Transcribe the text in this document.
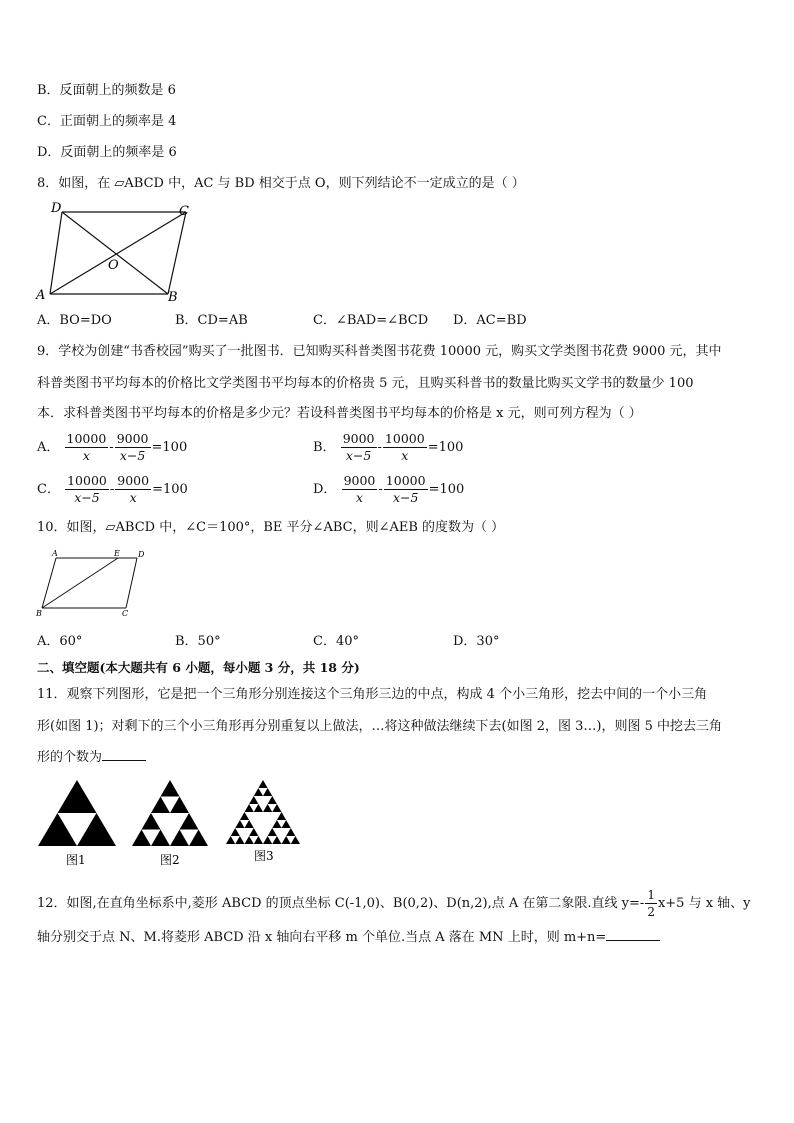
B．反面朝上的频数是 6
C．正面朝上的频率是 4
D．反面朝上的频率是 6
8．如图，在 ▱ABCD 中，AC 与 BD 相交于点 O，则下列结论不一定成立的是（ ）
D	C
A	B
O
A．BO=DO	B．CD=AB	C．∠BAD=∠BCD D．AC=BD
9．学校为创建“书香校园”购买了一批图书．已知购买科普类图书花费 10000 元，购买文学类图书花费 9000 元，其中
科普类图书平均每本的价格比文学类图书平均每本的价格贵 5 元，且购买科普书的数量比购买文学书的数量少 100
本．求科普类图书平均每本的价格是多少元？若设科普类图书平均每本的价格是 x 元，则可列方程为（ ）
A． $\frac{10000}{x} - \frac{9000}{x-5} =100$	B． $\frac{9000}{x-5} - \frac{10000}{x} =100$
C． $\frac{10000}{x-5} - \frac{9000}{x} =100$	D． $\frac{9000}{x} - \frac{10000}{x-5} =100$
10．如图，▱ABCD 中，∠C＝100°，BE 平分∠ABC，则∠AEB 的度数为（ ）
A	E D
B	C
A．60°	B．50°	C．40°	D．30°
二、填空题(本大题共有 6 小题，每小题 3 分，共 18 分)
11．观察下列图形，它是把一个三角形分别连接这个三角形三边的中点，构成 4 个小三角形，挖去中间的一个小三角
形(如图 1)；对剩下的三个小三角形再分别重复以上做法，…将这种做法继续下去(如图 2，图 3…)，则图 5 中挖去三角
形的个数为
图1	图2	图3
12．如图,在直角坐标系中,菱形 ABCD 的顶点坐标 C(-1,0)、B(0,2)、D(n,2),点 A 在第二象限.直线 $y=- \frac{1}{2} x+5$ 与 x 轴、y
轴分别交于点 N、M.将菱形 ABCD 沿 x 轴向右平移 m 个单位.当点 A 落在 MN 上时，则 m+n=
